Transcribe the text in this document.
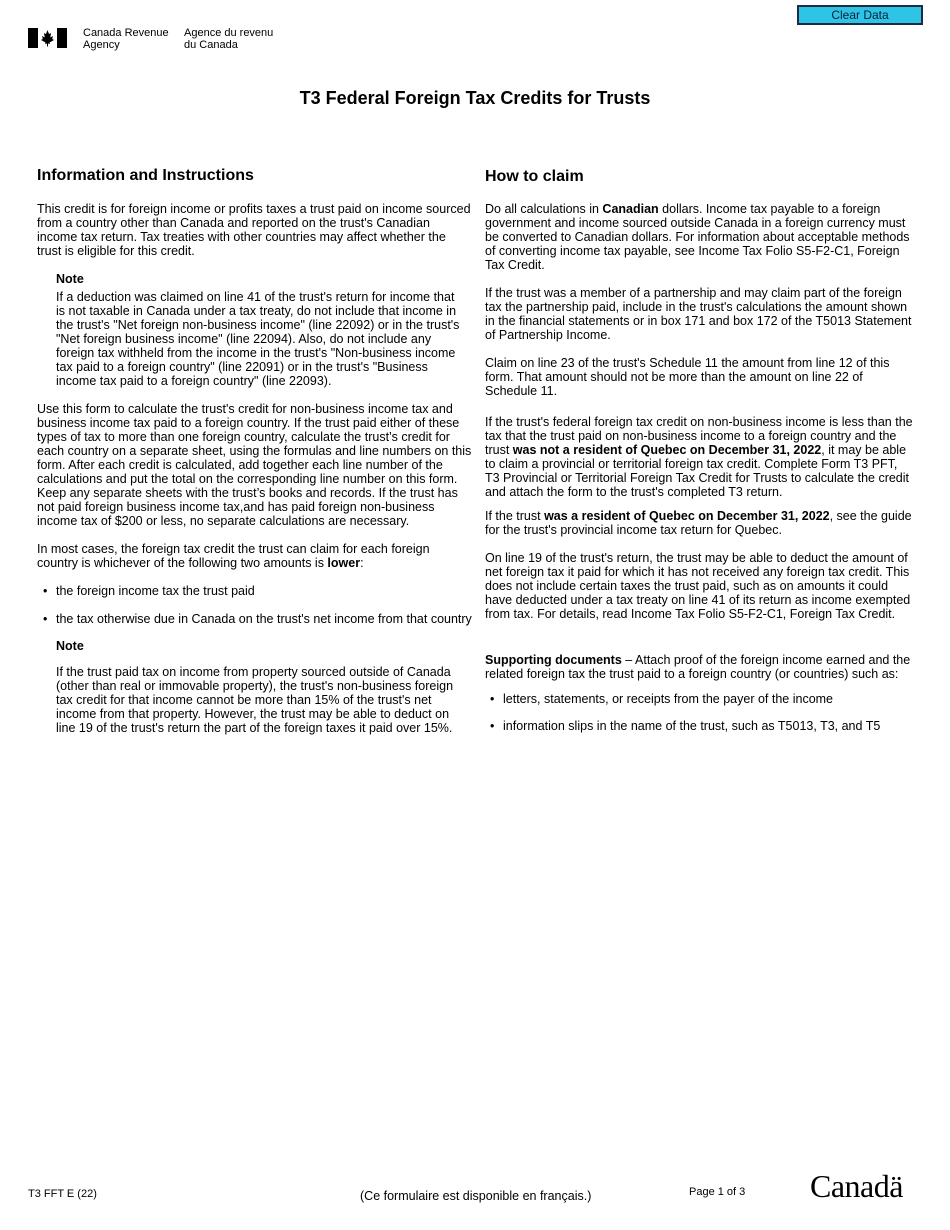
Clear Data
Canada Revenue
Agency
Agence du revenu
du Canada
T3 Federal Foreign Tax Credits for Trusts
Information and Instructions

This credit is for foreign income or profits taxes a trust paid on income sourced from a country other than Canada and reported on the trust's Canadian income tax return. Tax treaties with other countries may affect whether the trust is eligible for this credit.

Note

If a deduction was claimed on line 41 of the trust's return for income that is not taxable in Canada under a tax treaty, do not include that income in the trust's "Net foreign non-business income" (line 22092) or in the trust's "Net foreign business income" (line 22094). Also, do not include any foreign tax withheld from the income in the trust's "Non-business income tax paid to a foreign country" (line 22091) or in the trust's "Business income tax paid to a foreign country" (line 22093).

Use this form to calculate the trust's credit for non-business income tax and business income tax paid to a foreign country. If the trust paid either of these types of tax to more than one foreign country, calculate the trust’s credit for each country on a separate sheet, using the formulas and line numbers on this form. After each credit is calculated, add together each line number of the calculations and put the total on the corresponding line number on this form. Keep any separate sheets with the trust’s books and records. If the trust has not paid foreign business income tax,and has paid foreign non-business income tax of $200 or less, no separate calculations are necessary.

In most cases, the foreign tax credit the trust can claim for each foreign country is whichever of the following two amounts is lower:

• the foreign income tax the trust paid
• the tax otherwise due in Canada on the trust's net income from that country
Note

If the trust paid tax on income from property sourced outside of Canada (other than real or immovable property), the trust's non-business foreign tax credit for that income cannot be more than 15% of the trust's net income from that property. However, the trust may be able to deduct on line 19 of the trust's return the part of the foreign taxes it paid over 15%.

How to claim

Do all calculations in Canadian dollars. Income tax payable to a foreign government and income sourced outside Canada in a foreign currency must be converted to Canadian dollars. For information about acceptable methods of converting income tax payable, see Income Tax Folio S5-F2-C1, Foreign Tax Credit.

If the trust was a member of a partnership and may claim part of the foreign tax the partnership paid, include in the trust's calculations the amount shown in the financial statements or in box 171 and box 172 of the T5013 Statement of Partnership Income.

Claim on line 23 of the trust's Schedule 11 the amount from line 12 of this form. That amount should not be more than the amount on line 22 of Schedule 11.

If the trust's federal foreign tax credit on non-business income is less than the tax that the trust paid on non-business income to a foreign country and the trust was not a resident of Quebec on December 31, 2022, it may be able to claim a provincial or territorial foreign tax credit. Complete Form T3 PFT, T3 Provincial or Territorial Foreign Tax Credit for Trusts to calculate the credit and attach the form to the trust's completed T3 return.

If the trust was a resident of Quebec on December 31, 2022, see the guide for the trust's provincial income tax return for Quebec.

On line 19 of the trust's return, the trust may be able to deduct the amount of net foreign tax it paid for which it has not received any foreign tax credit. This does not include certain taxes the trust paid, such as on amounts it could have deducted under a tax treaty on line 41 of its return as income exempted from tax. For details, read Income Tax Folio S5-F2-C1, Foreign Tax Credit.

Supporting documents – Attach proof of the foreign income earned and the related foreign tax the trust paid to a foreign country (or countries) such as:

• letters, statements, or receipts from the payer of the income
• information slips in the name of the trust, such as T5013, T3, and T5
T3 FFT E (22)	(Ce formulaire est disponible en français.)	Page 1 of 3 Canadä
